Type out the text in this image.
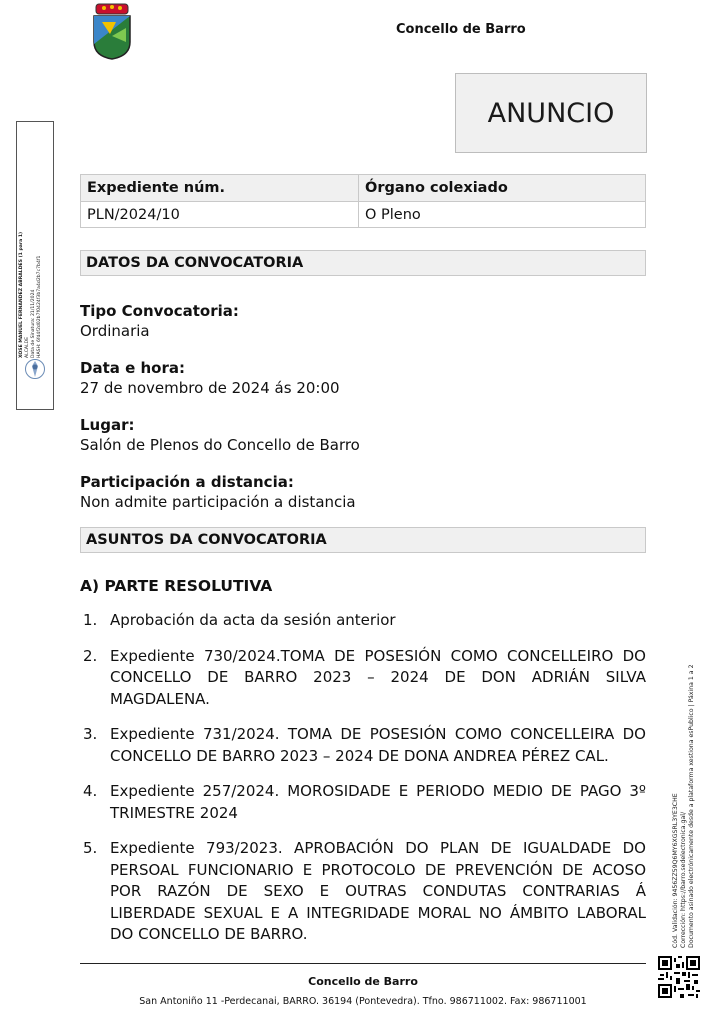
Concello de Barro
ANUNCIO
XOSE MANUEL FERNANDEZ ABRALDES (1 para 1) ALCALDE Data de Sinatura: 21/11/2024 HASH: 6fd4f2d02b7f0424f3b7a4d2b7c7b4f1
Expediente núm.	Órgano colexiado
PLN/2024/10	O Pleno
DATOS DA CONVOCATORIA
Tipo Convocatoria:
Ordinaria
Data e hora:
27 de novembro de 2024 ás 20:00
Lugar:
Salón de Plenos do Concello de Barro
Participación a distancia:
Non admite participación a distancia
ASUNTOS DA CONVOCATORIA
A) PARTE RESOLUTIVA
1. Aprobación da acta da sesión anterior
2. Expediente 730/2024.TOMA DE POSESIÓN COMO CONCELLEIRO DO CONCELLO DE BARRO 2023 – 2024 DE DON ADRIÁN SILVA MAGDALENA.
3. Expediente 731/2024. TOMA DE POSESIÓN COMO CONCELLEIRA DO CONCELLO DE BARRO 2023 – 2024 DE DONA ANDREA PÉREZ CAL.
4. Expediente 257/2024. MOROSIDADE E PERIODO MEDIO DE PAGO 3º TRIMESTRE 2024
5. Expediente 793/2023. APROBACIÓN DO PLAN DE IGUALDADE DO PERSOAL FUNCIONARIO E PROTOCOLO DE PREVENCIÓN DE ACOSO POR RAZÓN DE SEXO E OUTRAS CONDUTAS CONTRARIAS Á LIBERDADE SEXUAL E A INTEGRIDADE MORAL NO ÁMBITO LABORAL DO CONCELLO DE BARRO.	Cód. Validación: 9456ZZ59Q6MY6XGSRL3YE3CHE Corrección: https://barro.sedelectronica.gal/ Documento asinado electrónicamente desde a plataforma xestiona esPublico | Páxina 1 a 2
Concello de Barro
San Antoniño 11 -Perdecanai, BARRO. 36194 (Pontevedra). Tfno. 986711002. Fax: 986711001
